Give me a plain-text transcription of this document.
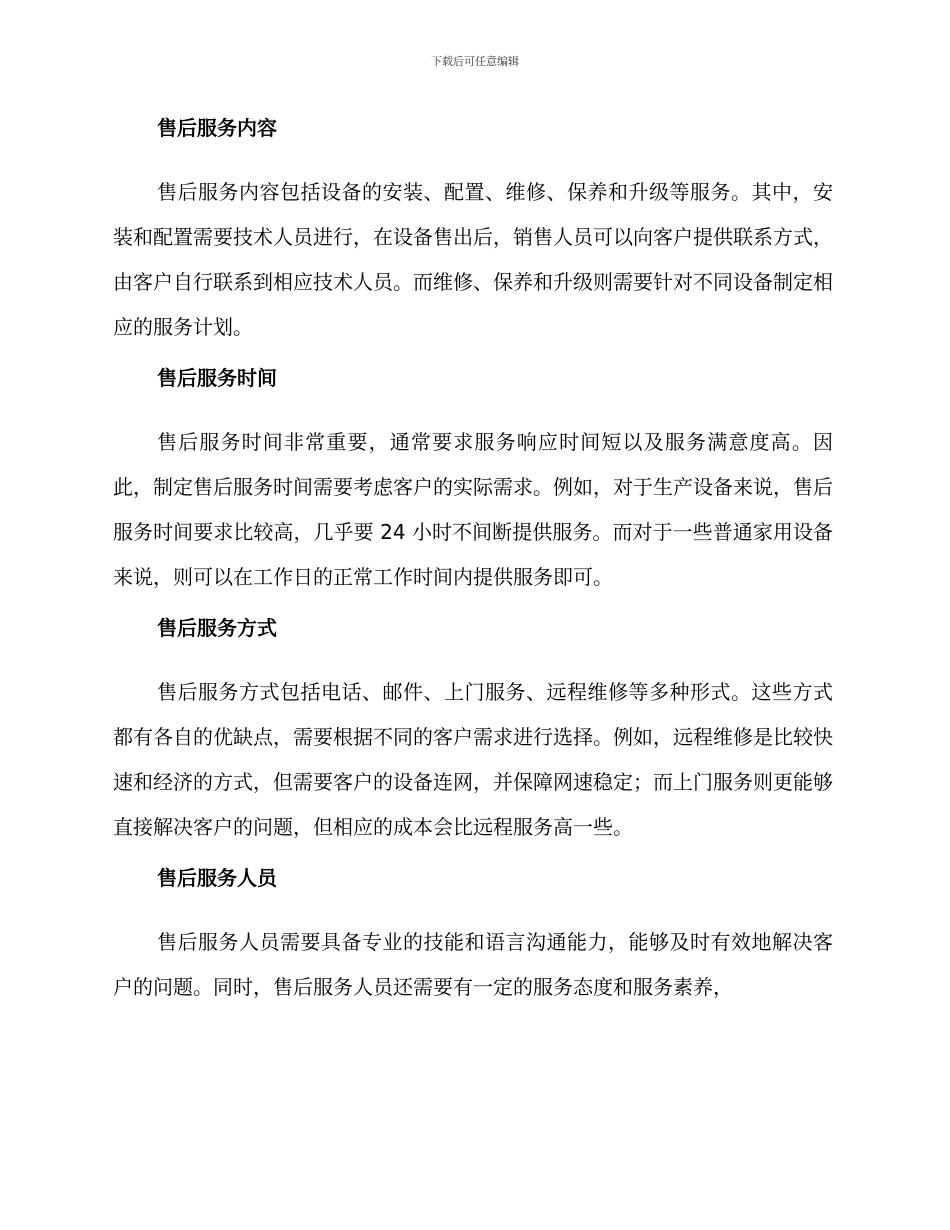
下载后可任意编辑
售后服务内容

售后服务内容包括设备的安装、配置、维修、保养和升级等服务。其中，安装和配置需要技术人员进行，在设备售出后，销售人员可以向客户提供联系方式，由客户自行联系到相应技术人员。而维修、保养和升级则需要针对不同设备制定相应的服务计划。

售后服务时间

售后服务时间非常重要，通常要求服务响应时间短以及服务满意度高。因此，制定售后服务时间需要考虑客户的实际需求。例如，对于生产设备来说，售后服务时间要求比较高，几乎要 24 小时不间断提供服务。而对于一些普通家用设备来说，则可以在工作日的正常工作时间内提供服务即可。

售后服务方式

售后服务方式包括电话、邮件、上门服务、远程维修等多种形式。这些方式都有各自的优缺点，需要根据不同的客户需求进行选择。例如，远程维修是比较快速和经济的方式，但需要客户的设备连网，并保障网速稳定；而上门服务则更能够直接解决客户的问题，但相应的成本会比远程服务高一些。

售后服务人员

售后服务人员需要具备专业的技能和语言沟通能力，能够及时有效地解决客户的问题。同时，售后服务人员还需要有一定的服务态度和服务素养，
